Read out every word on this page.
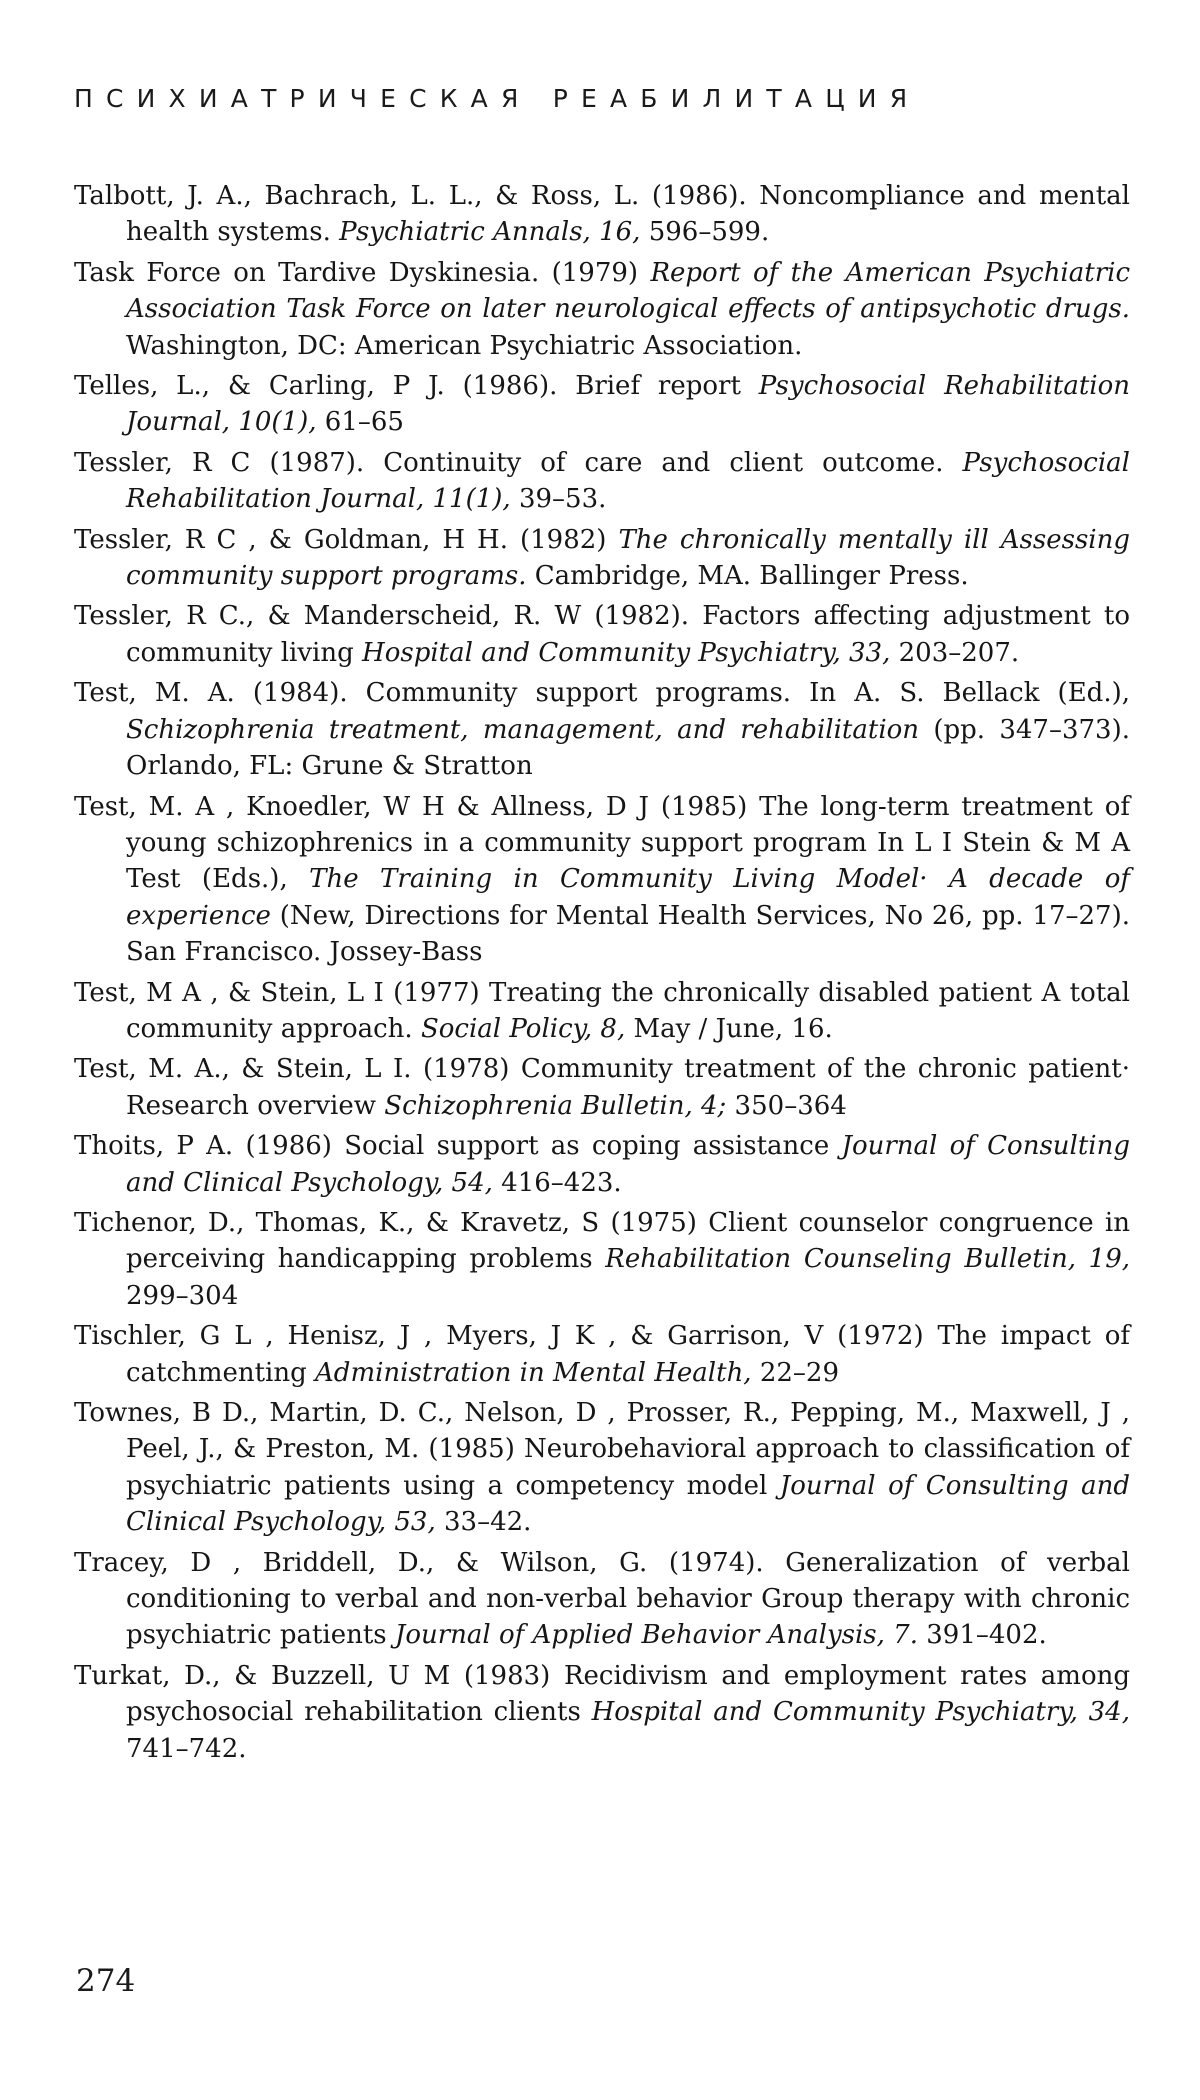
ПСИХИАТРИЧЕСКАЯ РЕАБИЛИТАЦИЯ
Talbott, J. A., Bachrach, L. L., & Ross, L. (1986). Noncompliance and mental health systems. Psychiatric Annals, 16, 596–599.
Task Force on Tardive Dyskinesia. (1979) Report of the American Psychiatric Association Task Force on later neurological effects of antipsychotic drugs. Washington, DC: American Psychiatric Association.
Telles, L., & Carling, P J. (1986). Brief report Psychosocial Rehabilitation Journal, 10(1), 61–65
Tessler, R C (1987). Continuity of care and client outcome. Psychosocial Rehabilitation Journal, 11(1), 39–53.
Tessler, R C , & Goldman, H H. (1982) The chronically mentally ill Assessing community support programs. Cambridge, MA. Ballinger Press.
Tessler, R C., & Manderscheid, R. W (1982). Factors affecting adjustment to community living Hospital and Community Psychiatry, 33, 203–207.
Test, M. A. (1984). Community support programs. In A. S. Bellack (Ed.), Schizophrenia treatment, management, and rehabilitation (pp. 347–373). Orlando, FL: Grune & Stratton
Test, M. A , Knoedler, W H & Allness, D J (1985) The long-term treatment of young schizophrenics in a community support program In L I Stein & M A Test (Eds.), The Training in Community Living Model· A decade of experience (New, Directions for Mental Health Services, No 26, pp. 17–27). San Francisco. Jossey-Bass
Test, M A , & Stein, L I (1977) Treating the chronically disabled patient A total community approach. Social Policy, 8, May / June, 16.
Test, M. A., & Stein, L I. (1978) Community treatment of the chronic patient· Research overview Schizophrenia Bulletin, 4; 350–364
Thoits, P A. (1986) Social support as coping assistance Journal of Consulting and Clinical Psychology, 54, 416–423.
Tichenor, D., Thomas, K., & Kravetz, S (1975) Client counselor congruence in perceiving handicapping problems Rehabilitation Counseling Bulletin, 19, 299–304
Tischler, G L , Henisz, J , Myers, J K , & Garrison, V (1972) The impact of catchmenting Administration in Mental Health, 22–29
Townes, B D., Martin, D. C., Nelson, D , Prosser, R., Pepping, M., Maxwell, J , Peel, J., & Preston, M. (1985) Neurobehavioral approach to classification of psychiatric patients using a competency model Journal of Consulting and Clinical Psychology, 53, 33–42.
Tracey, D , Briddell, D., & Wilson, G. (1974). Generalization of verbal conditioning to verbal and non-verbal behavior Group therapy with chronic psychiatric patients Journal of Applied Behavior Analysis, 7. 391–402.
Turkat, D., & Buzzell, U M (1983) Recidivism and employment rates among psychosocial rehabilitation clients Hospital and Community Psychiatry, 34, 741–742.
274
